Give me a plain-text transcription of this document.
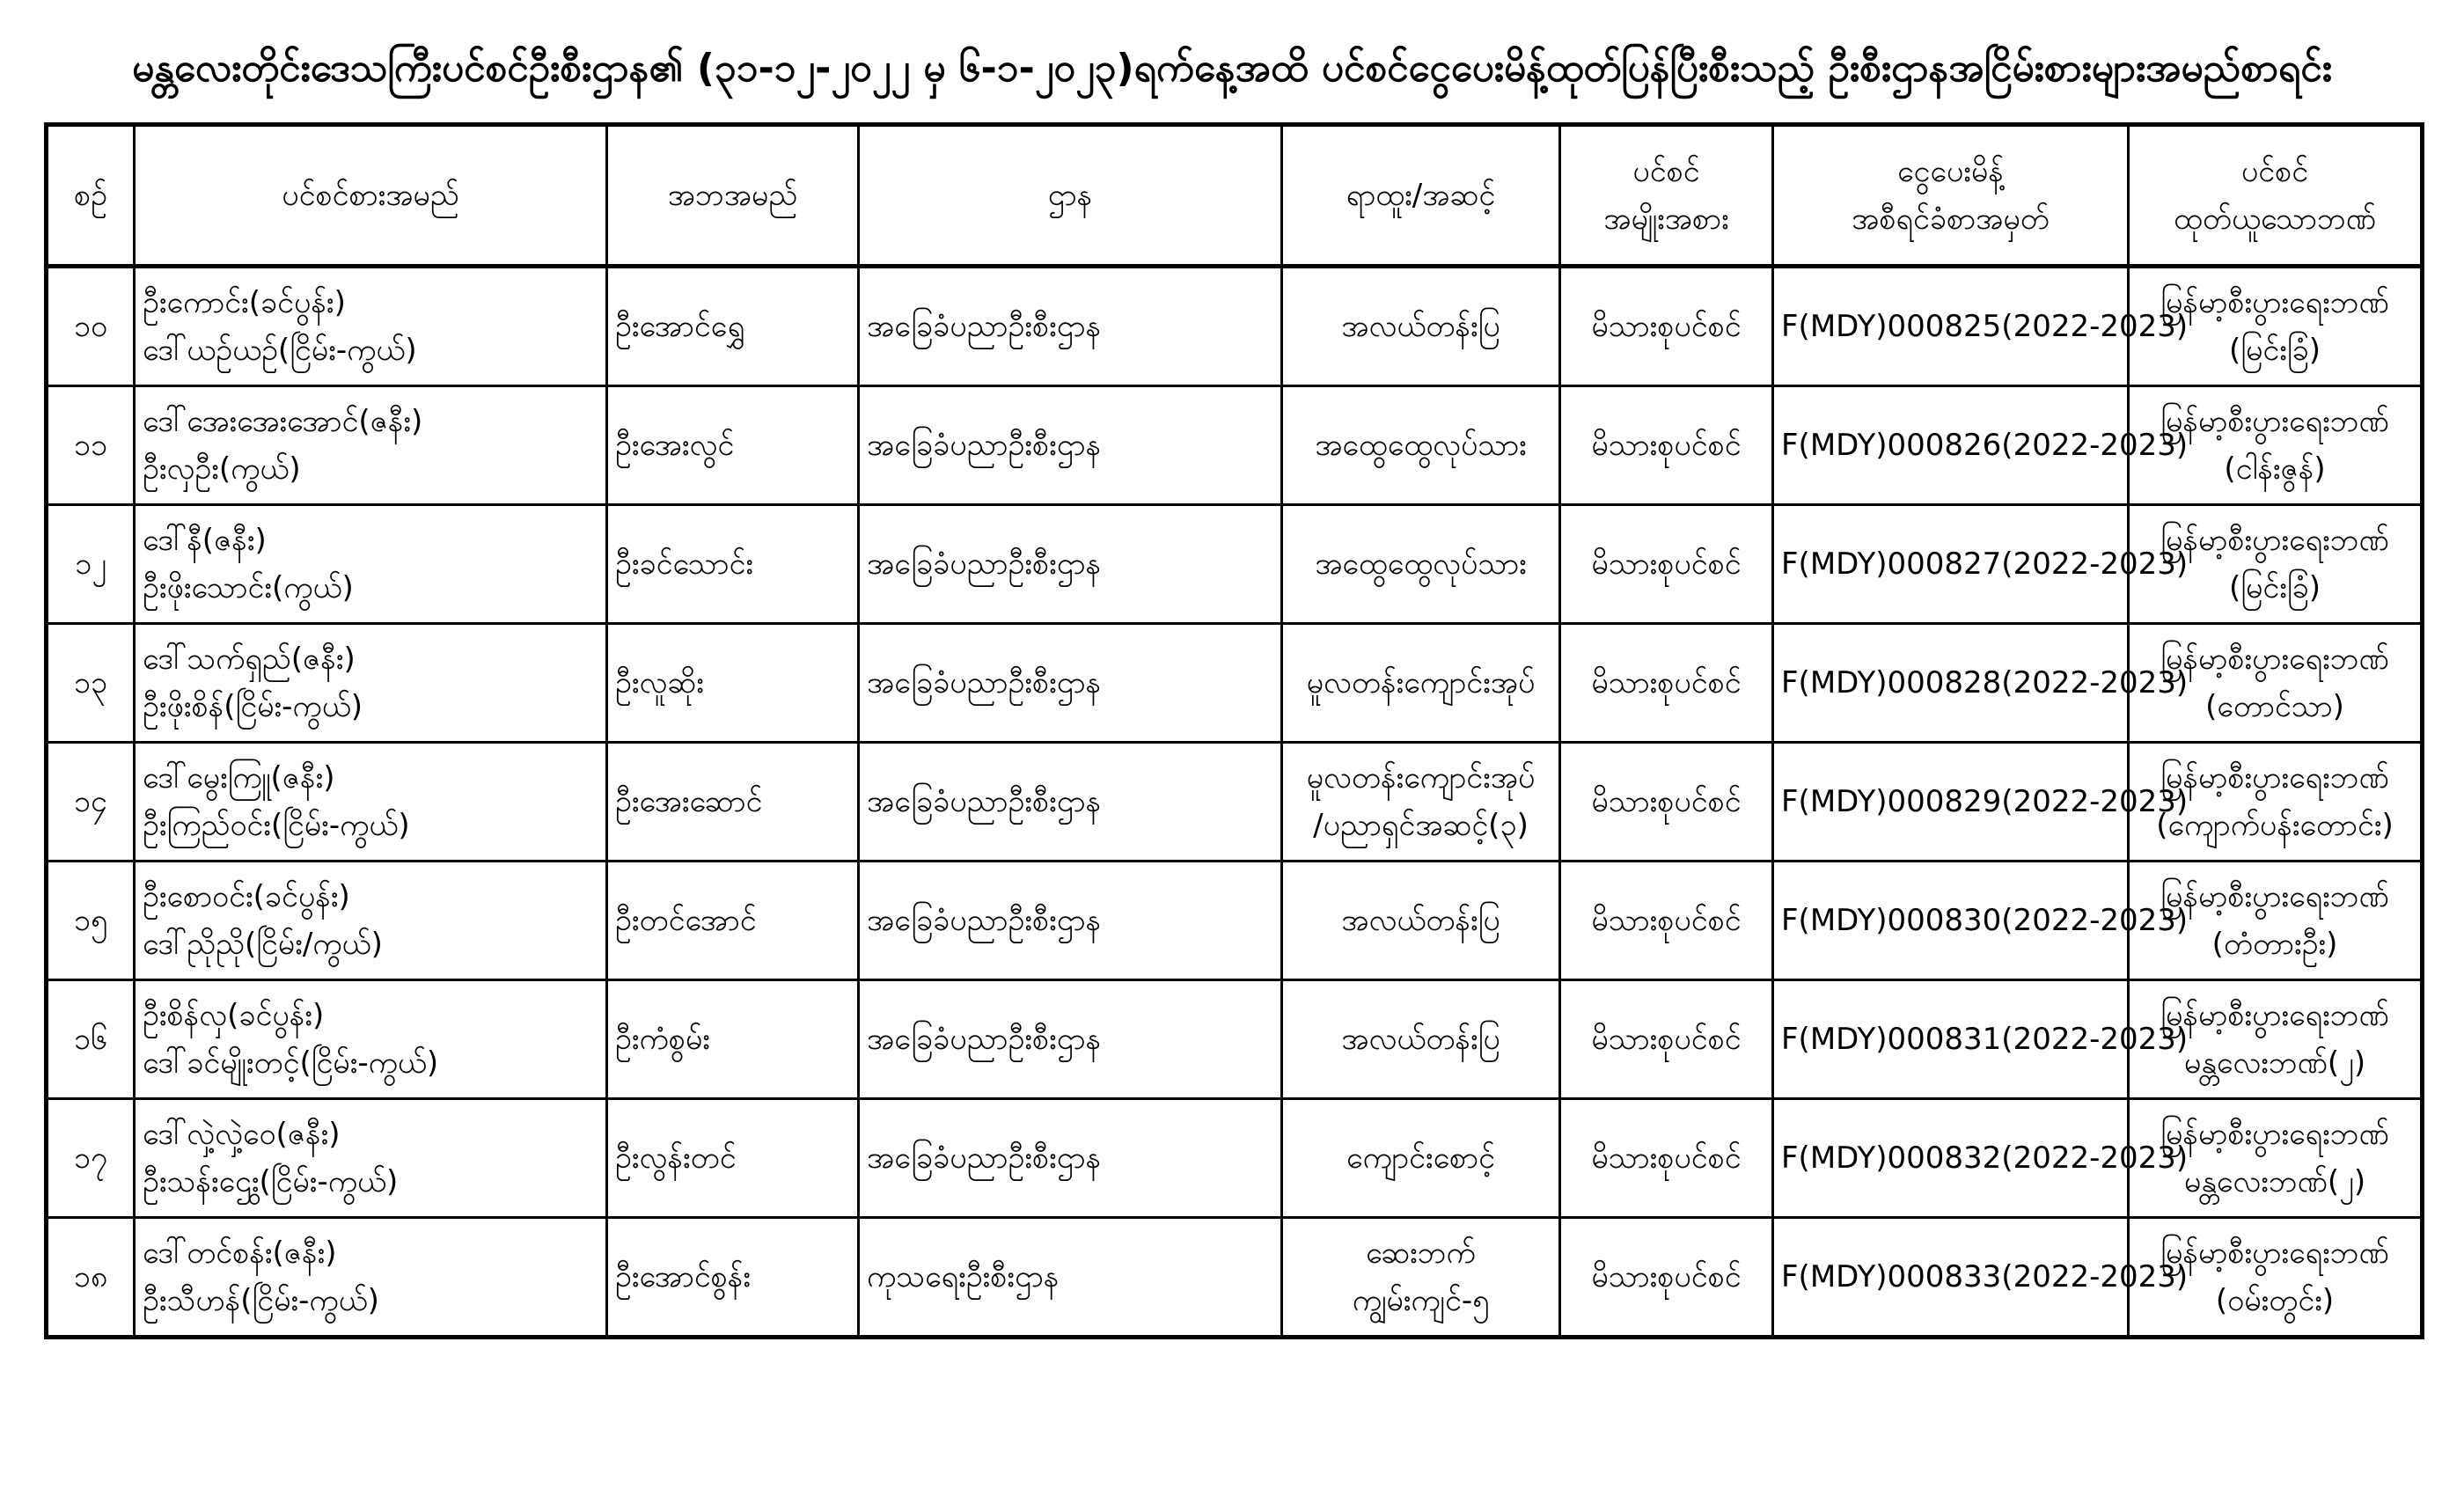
မန္တလေးတိုင်းဒေသကြီးပင်စင်ဦးစီးဌာန၏ (၃၁-၁၂-၂၀၂၂ မှ ၆-၁-၂၀၂၃)ရက်နေ့အထိ ပင်စင်ငွေပေးမိန့်ထုတ်ပြန်ပြီးစီးသည့် ဦးစီးဌာနအငြိမ်းစားများအမည်စာရင်း
စဉ်	ပင်စင်စားအမည်	အဘအမည်	ဌာန	ရာထူး/အဆင့်	ပင်စင်
အမျိုးအစား	ငွေပေးမိန့်
အစီရင်ခံစာအမှတ်	ပင်စင်
ထုတ်ယူသောဘဏ်

၁၀	ဦးကောင်း(ခင်ပွန်း)
ဒေါ်ယဉ်ယဉ်(ငြိမ်း-ကွယ်)	ဦးအောင်ရွှေ	အခြေခံပညာဦးစီးဌာန	အလယ်တန်းပြ	မိသားစုပင်စင်	F(MDY)000825(2022-2023)	မြန်မာ့စီးပွားရေးဘဏ်
(မြင်းခြံ)

၁၁	ဒေါ်အေးအေးအောင်(ဇနီး)
ဦးလှဦး(ကွယ်)	ဦးအေးလွင်	အခြေခံပညာဦးစီးဌာန	အထွေထွေလုပ်သား	မိသားစုပင်စင်	F(MDY)000826(2022-2023)	မြန်မာ့စီးပွားရေးဘဏ်
(ငါန်းဇွန်)

၁၂	ဒေါ်နီ(ဇနီး)
ဦးဖိုးသောင်း(ကွယ်)	ဦးခင်သောင်း	အခြေခံပညာဦးစီးဌာန	အထွေထွေလုပ်သား	မိသားစုပင်စင်	F(MDY)000827(2022-2023)	မြန်မာ့စီးပွားရေးဘဏ်
(မြင်းခြံ)

၁၃	ဒေါ်သက်ရှည်(ဇနီး)
ဦးဖိုးစိန်(ငြိမ်း-ကွယ်)	ဦးလူဆိုး	အခြေခံပညာဦးစီးဌာန	မူလတန်းကျောင်းအုပ်	မိသားစုပင်စင်	F(MDY)000828(2022-2023)	မြန်မာ့စီးပွားရေးဘဏ်
(တောင်သာ)

၁၄	ဒေါ်မွေးကြူ(ဇနီး)
ဦးကြည်ဝင်း(ငြိမ်း-ကွယ်)	ဦးအေးဆောင်	အခြေခံပညာဦးစီးဌာန	မူလတန်းကျောင်းအုပ်
/ပညာရှင်အဆင့်(၃)	မိသားစုပင်စင်	F(MDY)000829(2022-2023)	မြန်မာ့စီးပွားရေးဘဏ်
(ကျောက်ပန်းတောင်း)

၁၅	ဦးစောဝင်း(ခင်ပွန်း)
ဒေါ်ညိုညို(ငြိမ်း/ကွယ်)	ဦးတင်အောင်	အခြေခံပညာဦးစီးဌာန	အလယ်တန်းပြ	မိသားစုပင်စင်	F(MDY)000830(2022-2023)	မြန်မာ့စီးပွားရေးဘဏ်
(တံတားဦး)

၁၆	ဦးစိန်လှ(ခင်ပွန်း)
ဒေါ်ခင်မျိုးတင့်(ငြိမ်း-ကွယ်)	ဦးကံစွမ်း	အခြေခံပညာဦးစီးဌာန	အလယ်တန်းပြ	မိသားစုပင်စင်	F(MDY)000831(2022-2023)	မြန်မာ့စီးပွားရေးဘဏ်
မန္တလေးဘဏ်(၂)

၁၇	ဒေါ်လှဲ့လှဲ့ဝေ(ဇနီး)
ဦးသန်းဌွေး(ငြိမ်း-ကွယ်)	ဦးလွန်းတင်	အခြေခံပညာဦးစီးဌာန	ကျောင်းစောင့်	မိသားစုပင်စင်	F(MDY)000832(2022-2023)	မြန်မာ့စီးပွားရေးဘဏ်
မန္တလေးဘဏ်(၂)

၁၈	ဒေါ်တင်စန်း(ဇနီး)
ဦးသီဟန်(ငြိမ်း-ကွယ်)	ဦးအောင်စွန်း	ကုသရေးဦးစီးဌာန	ဆေးဘက်
ကျွမ်းကျင်-၅	မိသားစုပင်စင်	F(MDY)000833(2022-2023)	မြန်မာ့စီးပွားရေးဘဏ်
(ဝမ်းတွင်း)
